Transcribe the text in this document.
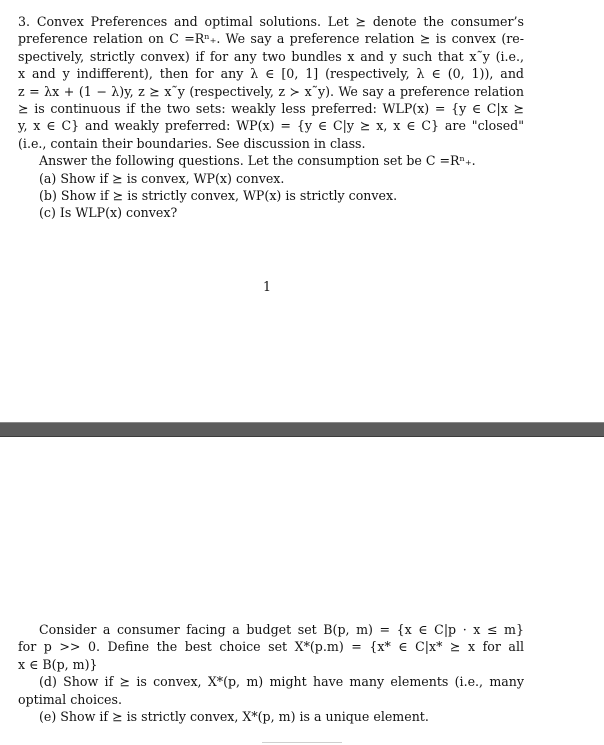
3. Convex Preferences and optimal solutions. Let ⪰ denote the consumer’s
preference relation on C =Rⁿ₊. We say a preference relation ⪰ is convex (re-
spectively, strictly convex) if for any two bundles x and y such that x˜y (i.e.,
x and y indifferent), then for any λ ∈ [0, 1] (respectively, λ ∈ (0, 1)), and
z = λx + (1 − λ)y, z ⪰ x˜y (respectively, z ≻ x˜y). We say a preference relation
⪰ is continuous if the two sets: weakly less preferred: WLP(x) = {y ∈ C|x ⪰
y, x ∈ C} and weakly preferred: WP(x) = {y ∈ C|y ⪰ x, x ∈ C} are "closed"
(i.e., contain their boundaries. See discussion in class.
Answer the following questions. Let the consumption set be C =Rⁿ₊.
(a) Show if ⪰ is convex, WP(x) convex.
(b) Show if ⪰ is strictly convex, WP(x) is strictly convex.
(c) Is WLP(x) convex?

1

Consider a consumer facing a budget set B(p, m) = {x ∈ C|p · x ≤ m}
for p >> 0. Define the best choice set X*(p.m) = {x* ∈ C|x* ⪰ x for all
x ∈ B(p, m)}
(d) Show if ⪰ is convex, X*(p, m) might have many elements (i.e., many
optimal choices.
(e) Show if ⪰ is strictly convex, X*(p, m) is a unique element.
